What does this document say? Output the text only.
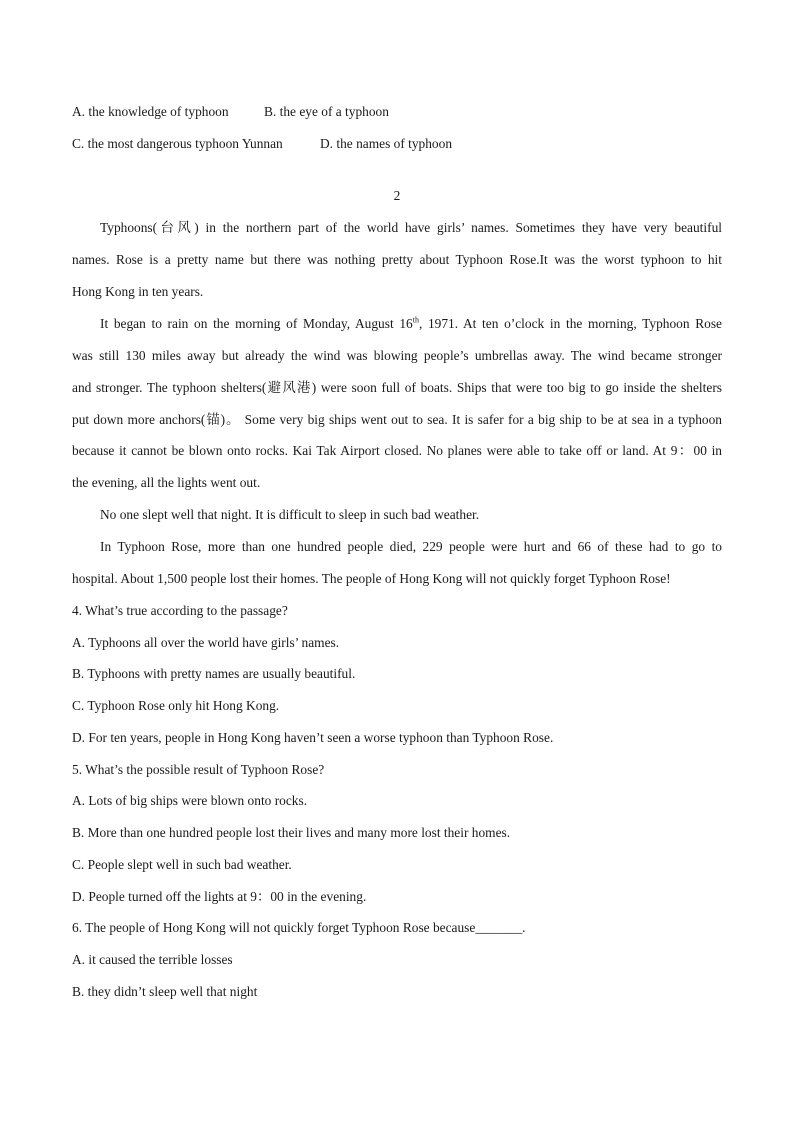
A. the knowledge of typhoon	B. the eye of a typhoon
C. the most dangerous typhoon Yunnan	D. the names of typhoon
2
Typhoons(台风) in the northern part of the world have girls’ names. Sometimes they have very beautiful
names. Rose is a pretty name but there was nothing pretty about Typhoon Rose.It was the worst typhoon to hit
Hong Kong in ten years.
It began to rain on the morning of Monday, August 16th, 1971. At ten o’clock in the morning, Typhoon Rose
was still 130 miles away but already the wind was blowing people’s umbrellas away. The wind became stronger
and stronger. The typhoon shelters(避风港) were soon full of boats. Ships that were too big to go inside the shelters
put down more anchors(锚)。 Some very big ships went out to sea. It is safer for a big ship to be at sea in a typhoon
because it cannot be blown onto rocks. Kai Tak Airport closed. No planes were able to take off or land. At 9：00 in
the evening, all the lights went out.
No one slept well that night. It is difficult to sleep in such bad weather.
In Typhoon Rose, more than one hundred people died, 229 people were hurt and 66 of these had to go to
hospital. About 1,500 people lost their homes. The people of Hong Kong will not quickly forget Typhoon Rose!
4. What’s true according to the passage?
A. Typhoons all over the world have girls’ names.
B. Typhoons with pretty names are usually beautiful.
C. Typhoon Rose only hit Hong Kong.
D. For ten years, people in Hong Kong haven’t seen a worse typhoon than Typhoon Rose.
5. What’s the possible result of Typhoon Rose?
A. Lots of big ships were blown onto rocks.
B. More than one hundred people lost their lives and many more lost their homes.
C. People slept well in such bad weather.
D. People turned off the lights at 9：00 in the evening.
6. The people of Hong Kong will not quickly forget Typhoon Rose because_______.
A. it caused the terrible losses
B. they didn’t sleep well that night
